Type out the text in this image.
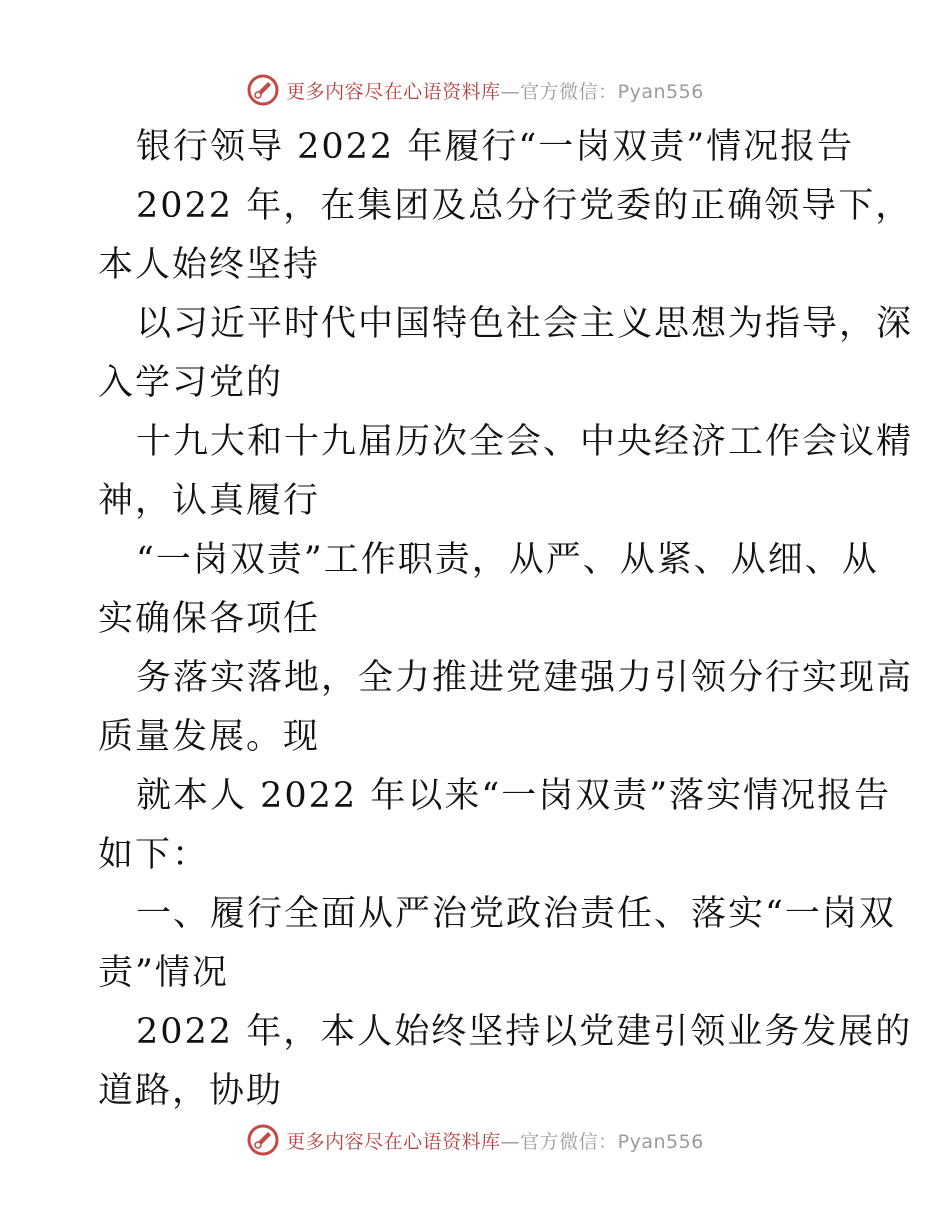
更多内容尽在心语资料库 —官方微信：Pyan556

银行领导 2022 年履行“一岗双责”情况报告

2022 年，在集团及总分行党委的正确领导下，
本人始终坚持

以习近平时代中国特色社会主义思想为指导，深
入学习党的

十九大和十九届历次全会、中央经济工作会议精
神，认真履行

“一岗双责”工作职责，从严、从紧、从细、从
实确保各项任

务落实落地，全力推进党建强力引领分行实现高
质量发展。现

就本人 2022 年以来“一岗双责”落实情况报告
如下：

一、履行全面从严治党政治责任、落实“一岗双
责”情况

2022 年，本人始终坚持以党建引领业务发展的
道路，协助

更多内容尽在心语资料库 —官方微信：Pyan556
